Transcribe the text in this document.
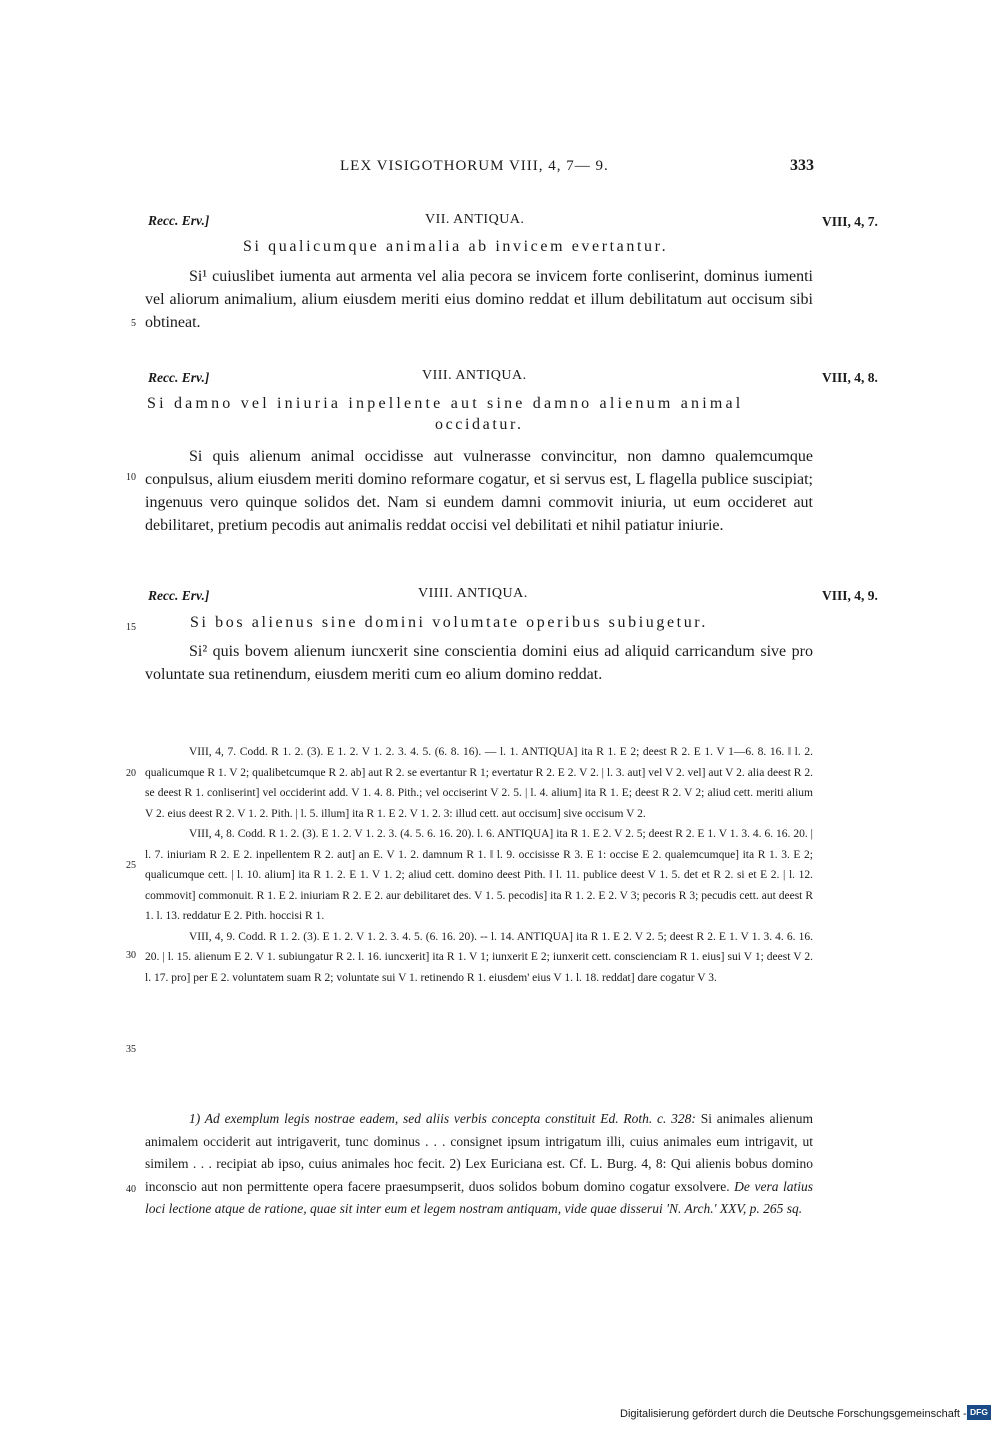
LEX VISIGOTHORUM VIII, 4, 7— 9.	333
Recc. Erv.]	VII. ANTIQUA.	VIII, 4, 7.
Si qualicumque animalia ab invicem evertantur.

Si¹ cuiuslibet iumenta aut armenta vel alia pecora se invicem forte conliserint, dominus iumenti vel aliorum animalium, alium eiusdem meriti eius domino reddat et illum debilitatum aut occisum sibi obtineat.

Recc. Erv.]	VIII. ANTIQUA.	VIII, 4, 8.
Si damno vel iniuria inpellente aut sine damno alienum animal
occidatur.

Si quis alienum animal occidisse aut vulnerasse convincitur, non damno qualemcumque conpulsus, alium eiusdem meriti domino reformare cogatur, et si servus est, L flagella publice suscipiat; ingenuus vero quinque solidos det. Nam si eundem damni commovit iniuria, ut eum occideret aut debilitaret, pretium pecodis aut animalis reddat occisi vel debilitati et nihil patiatur iniurie.

Recc. Erv.]	VIIII. ANTIQUA.	VIII, 4, 9.
Si bos alienus sine domini volumtate operibus subiugetur.

Si² quis bovem alienum iuncxerit sine conscientia domini eius ad aliquid carricandum sive pro voluntate sua retinendum, eiusdem meriti cum eo alium domino reddat.

5
10
15
20
25
30
35
40

VIII, 4, 7. Codd. R 1. 2. (3). E 1. 2. V 1. 2. 3. 4. 5. (6. 8. 16). — l. 1. ANTIQUA] ita R 1. E 2; deest R 2. E 1. V 1—6. 8. 16. ‖ l. 2. qualicumque R 1. V 2; qualibetcumque R 2. ab] aut R 2. se evertantur R 1; evertatur R 2. E 2. V 2. | l. 3. aut] vel V 2. vel] aut V 2. alia deest R 2. se deest R 1. conliserint] vel occiderint add. V 1. 4. 8. Pith.; vel occiserint V 2. 5. | l. 4. alium] ita R 1. E; deest R 2. V 2; aliud cett. meriti alium V 2. eius deest R 2. V 1. 2. Pith. | l. 5. illum] ita R 1. E 2. V 1. 2. 3: illud cett. aut occisum] sive occisum V 2.

VIII, 4, 8. Codd. R 1. 2. (3). E 1. 2. V 1. 2. 3. (4. 5. 6. 16. 20). l. 6. ANTIQUA] ita R 1. E 2. V 2. 5; deest R 2. E 1. V 1. 3. 4. 6. 16. 20. | l. 7. iniuriam R 2. E 2. inpellentem R 2. aut] an E. V 1. 2. damnum R 1. ‖ l. 9. occisisse R 3. E 1: occise E 2. qualemcumque] ita R 1. 3. E 2; qualicumque cett. | l. 10. alium] ita R 1. 2. E 1. V 1. 2; aliud cett. domino deest Pith. ‖ l. 11. publice deest V 1. 5. det et R 2. si et E 2. | l. 12. commovit] commonuit. R 1. E 2. iniuriam R 2. E 2. aur debilitaret des. V 1. 5. pecodis] ita R 1. 2. E 2. V 3; pecoris R 3; pecudis cett. aut deest R 1. l. 13. reddatur E 2. Pith. hoccisi R 1.

VIII, 4, 9. Codd. R 1. 2. (3). E 1. 2. V 1. 2. 3. 4. 5. (6. 16. 20). -- l. 14. ANTIQUA] ita R 1. E 2. V 2. 5; deest R 2. E 1. V 1. 3. 4. 6. 16. 20. | l. 15. alienum E 2. V 1. subiungatur R 2. l. 16. iuncxerit] ita R 1. V 1; iunxerit E 2; iunxerit cett. conscienciam R 1. eius] sui V 1; deest V 2. l. 17. pro] per E 2. voluntatem suam R 2; voluntate sui V 1. retinendo R 1. eiusdem' eius V 1. l. 18. reddat] dare cogatur V 3.

1) Ad exemplum legis nostrae eadem, sed aliis verbis concepta constituit Ed. Roth. c. 328: Si animales alienum animalem occiderit aut intrigaverit, tunc dominus . . . consignet ipsum intrigatum illi, cuius animales eum intrigavit, ut similem . . . recipiat ab ipso, cuius animales hoc fecit. 2) Lex Euriciana est. Cf. L. Burg. 4, 8: Qui alienis bobus domino inconscio aut non permittente opera facere praesumpserit, duos solidos bobum domino cogatur exsolvere. De vera latius loci lectione atque de ratione, quae sit inter eum et legem nostram antiquam, vide quae disserui 'N. Arch.' XXV, p. 265 sq.

Digitalisierung gefördert durch die Deutsche Forschungsgemeinschaft - DFG
